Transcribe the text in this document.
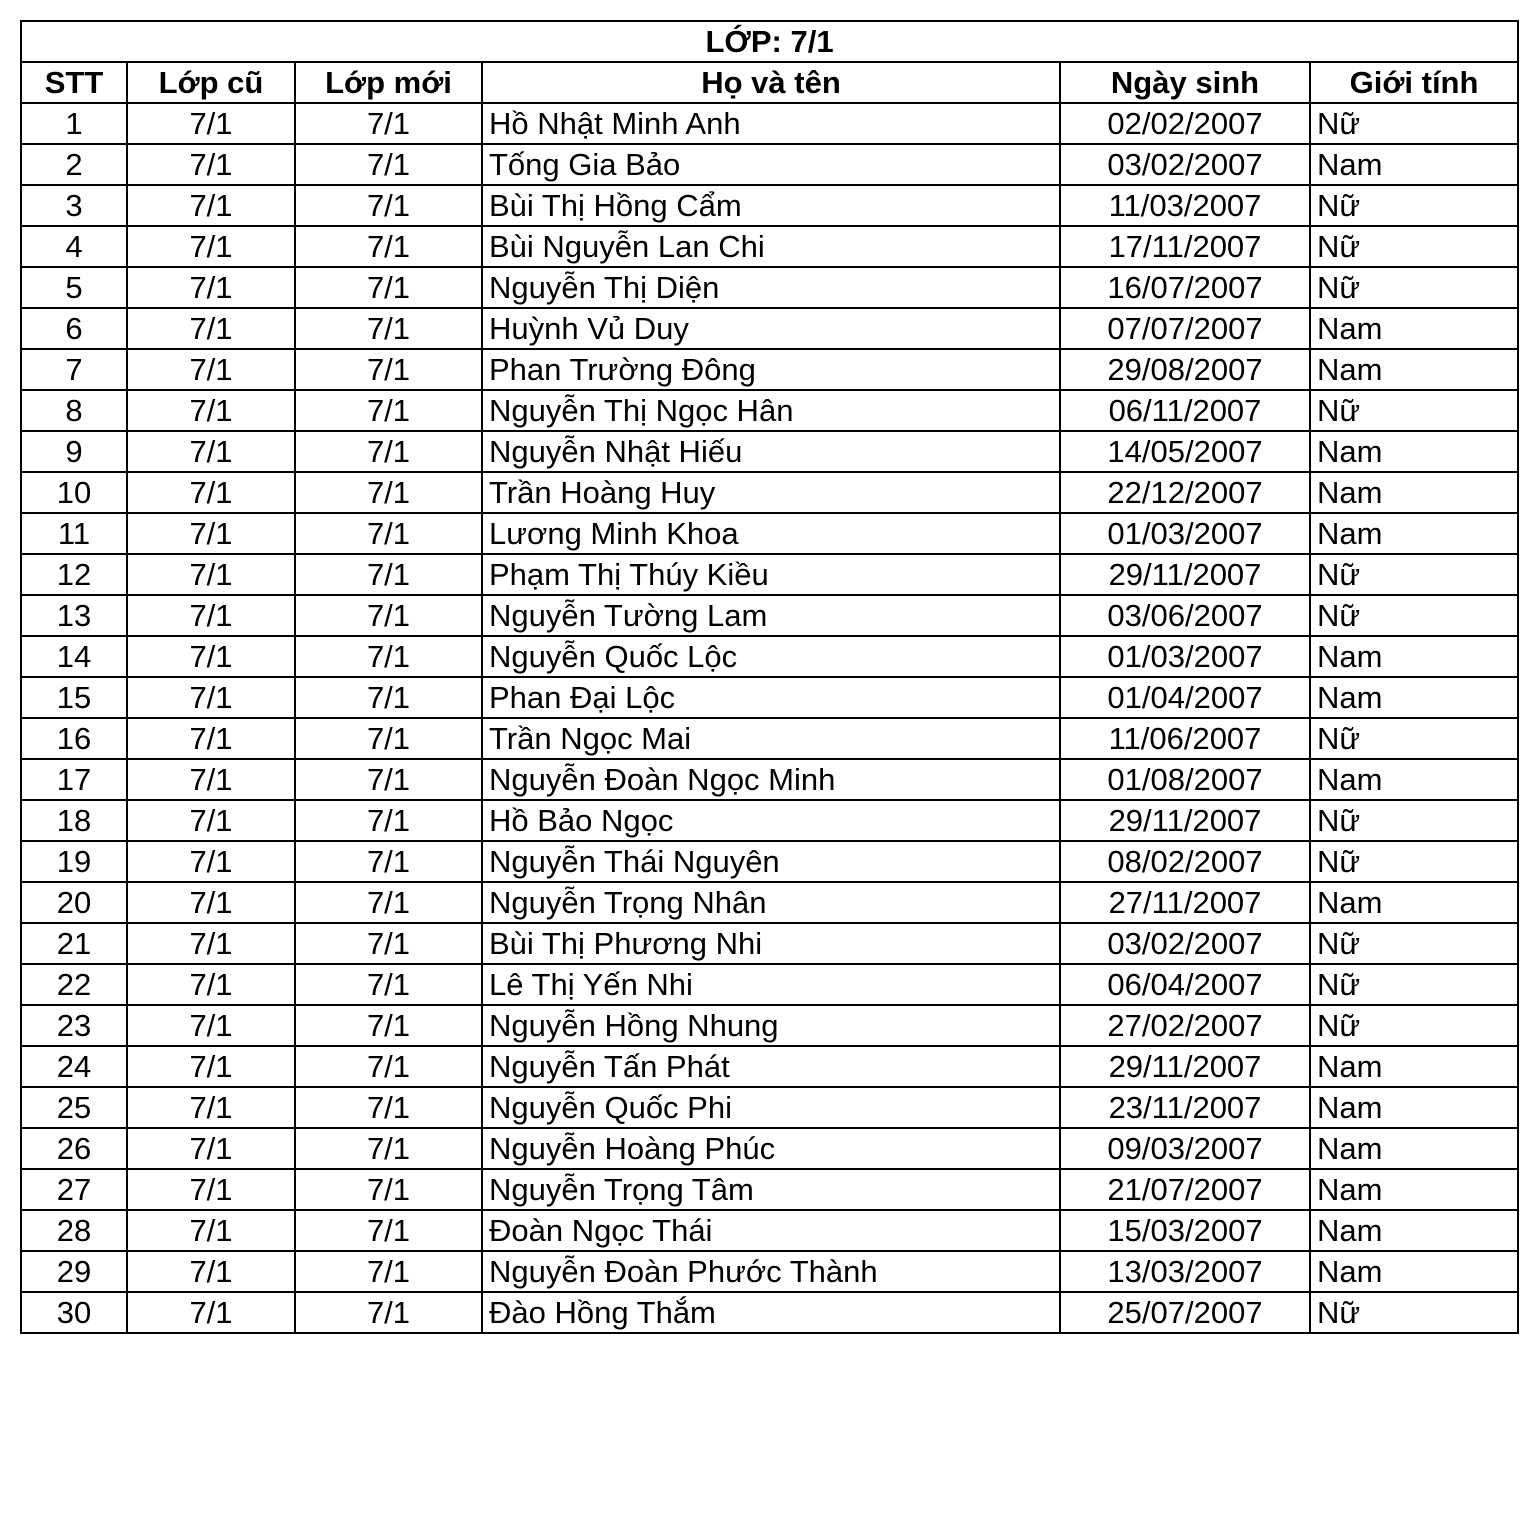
LỚP: 7/1					
STT	Lớp cũ	Lớp mới	Họ và tên	Ngày sinh	Giới tính
1	7/1	7/1	Hồ Nhật Minh Anh	02/02/2007	Nữ
2	7/1	7/1	Tống Gia Bảo	03/02/2007	Nam
3	7/1	7/1	Bùi Thị Hồng Cẩm	11/03/2007	Nữ
4	7/1	7/1	Bùi Nguyễn Lan Chi	17/11/2007	Nữ
5	7/1	7/1	Nguyễn Thị Diện	16/07/2007	Nữ
6	7/1	7/1	Huỳnh Vủ Duy	07/07/2007	Nam
7	7/1	7/1	Phan Trường Đông	29/08/2007	Nam
8	7/1	7/1	Nguyễn Thị Ngọc Hân	06/11/2007	Nữ
9	7/1	7/1	Nguyễn Nhật Hiếu	14/05/2007	Nam
10	7/1	7/1	Trần Hoàng Huy	22/12/2007	Nam
11	7/1	7/1	Lương Minh Khoa	01/03/2007	Nam
12	7/1	7/1	Phạm Thị Thúy Kiều	29/11/2007	Nữ
13	7/1	7/1	Nguyễn Tường Lam	03/06/2007	Nữ
14	7/1	7/1	Nguyễn Quốc Lộc	01/03/2007	Nam
15	7/1	7/1	Phan Đại Lộc	01/04/2007	Nam
16	7/1	7/1	Trần Ngọc Mai	11/06/2007	Nữ
17	7/1	7/1	Nguyễn Đoàn Ngọc Minh	01/08/2007	Nam
18	7/1	7/1	Hồ Bảo Ngọc	29/11/2007	Nữ
19	7/1	7/1	Nguyễn Thái Nguyên	08/02/2007	Nữ
20	7/1	7/1	Nguyễn Trọng Nhân	27/11/2007	Nam
21	7/1	7/1	Bùi Thị Phương Nhi	03/02/2007	Nữ
22	7/1	7/1	Lê Thị Yến Nhi	06/04/2007	Nữ
23	7/1	7/1	Nguyễn Hồng Nhung	27/02/2007	Nữ
24	7/1	7/1	Nguyễn Tấn Phát	29/11/2007	Nam
25	7/1	7/1	Nguyễn Quốc Phi	23/11/2007	Nam
26	7/1	7/1	Nguyễn Hoàng Phúc	09/03/2007	Nam
27	7/1	7/1	Nguyễn Trọng Tâm	21/07/2007	Nam
28	7/1	7/1	Đoàn Ngọc Thái	15/03/2007	Nam
29	7/1	7/1	Nguyễn Đoàn Phước Thành	13/03/2007	Nam
30	7/1	7/1	Đào Hồng Thắm	25/07/2007	Nữ
